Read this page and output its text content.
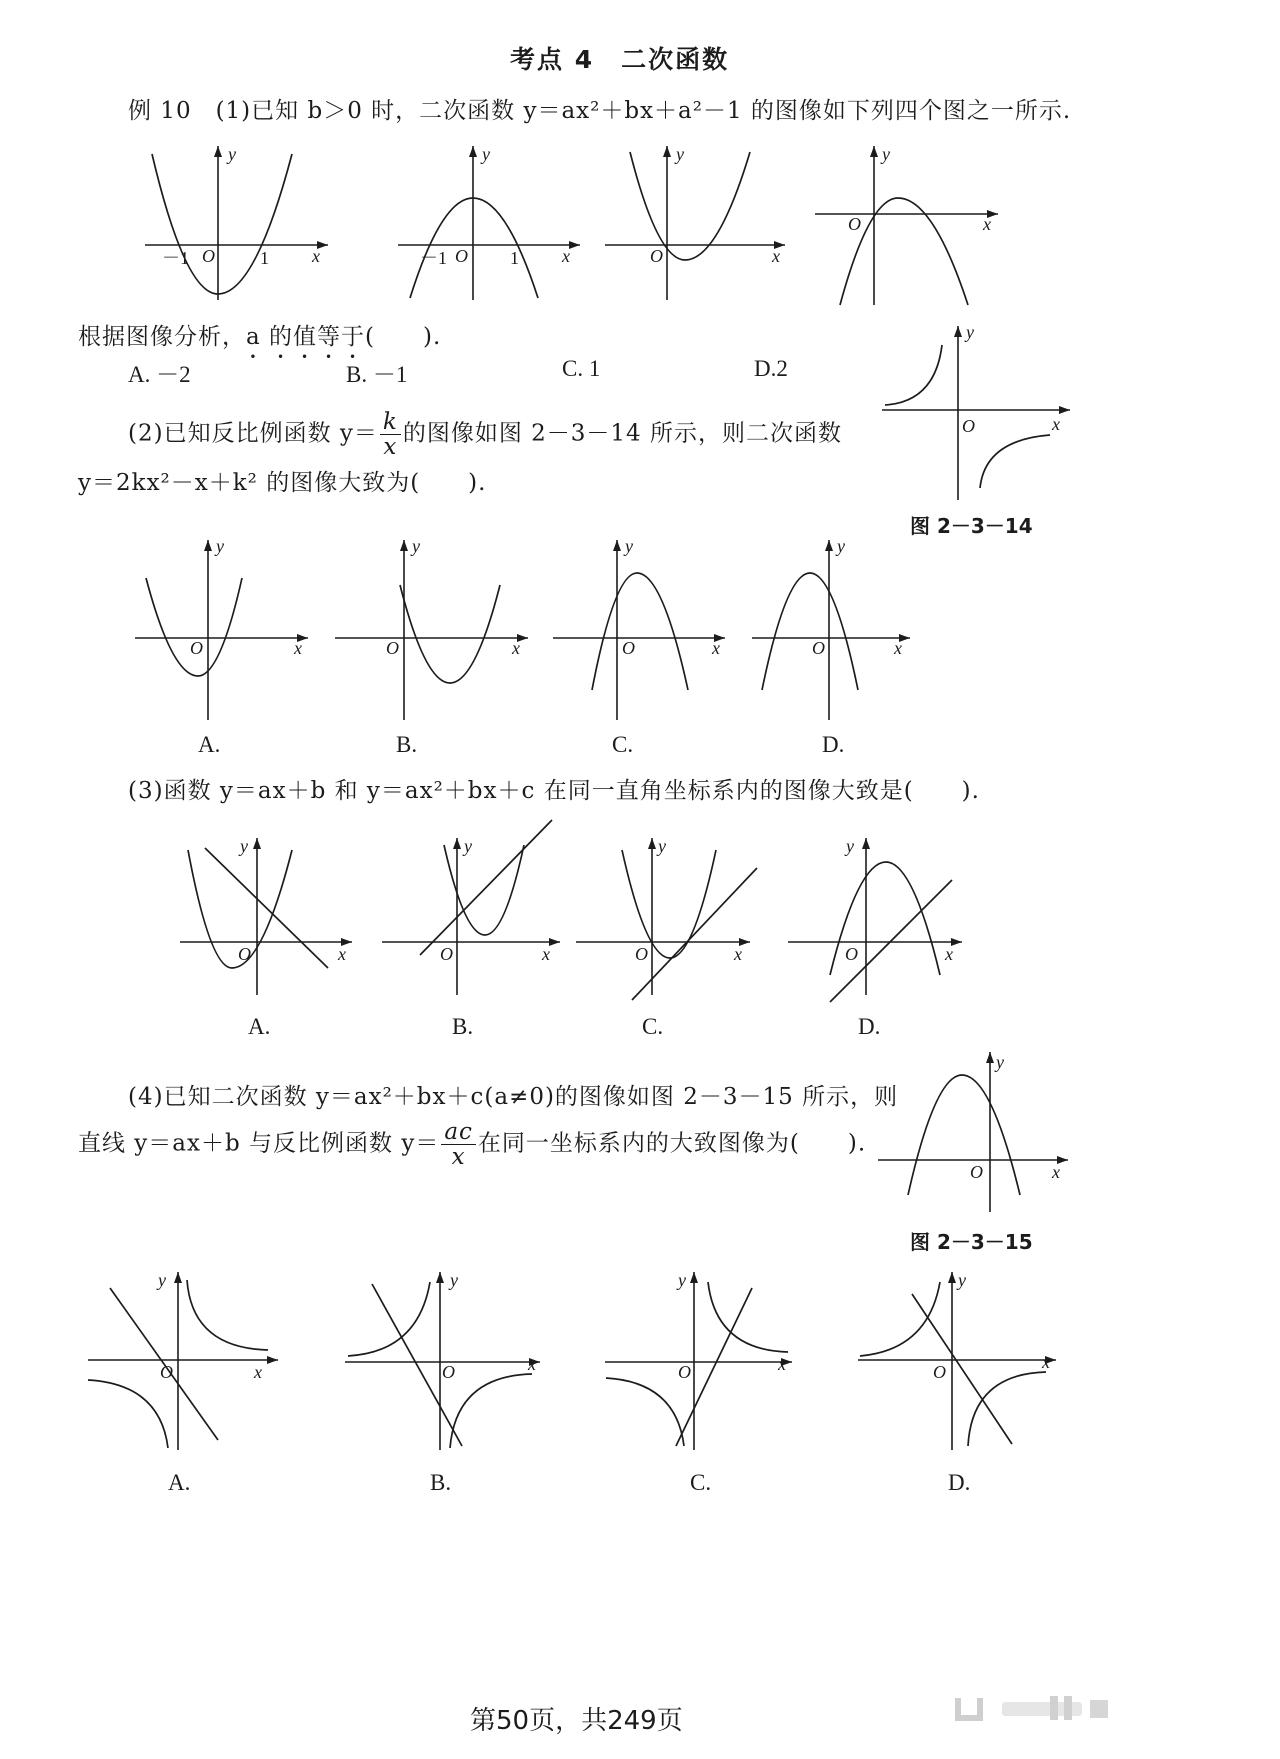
考点 4　二次函数
例 10　(1)已知 b＞0 时，二次函数 y＝ax²＋bx＋a²－1 的图像如下列四个图之一所示.
根据图像分析，a 的值等于(　　).
A. －2	B. －1	C. 1	D.2
(2)已知反比例函数 $y= \frac{k}{x}$ 的图像如图 2－3－14 所示，则二次函数
y＝2kx²－x＋k² 的图像大致为(　　).
图 2－3－14
A.	B.	C.	D.
(3)函数 y＝ax＋b 和 y＝ax²＋bx＋c 在同一直角坐标系内的图像大致是(　　).
A.	B.	C.	D.
(4)已知二次函数 y＝ax²＋bx＋c(a≠0)的图像如图 2－3－15 所示，则
直线 y＝ax＋b 与反比例函数 $y= \frac{ac}{x}$ 在同一坐标系内的大致图像为(　　).
图 2－3－15
A.	B.	C.	D.
第50页，共249页
x
y
O
－1	1	x
y
O
－1	1	x
y
O
x
y
O
x
y
O
x
y
O	x
y
O	x
y
O	x
y
O
x
y
O	x
y
O	x
y
O	x
y
O
x
y
O
x
y
O	x
y
O	x
y
O	x
y
O
